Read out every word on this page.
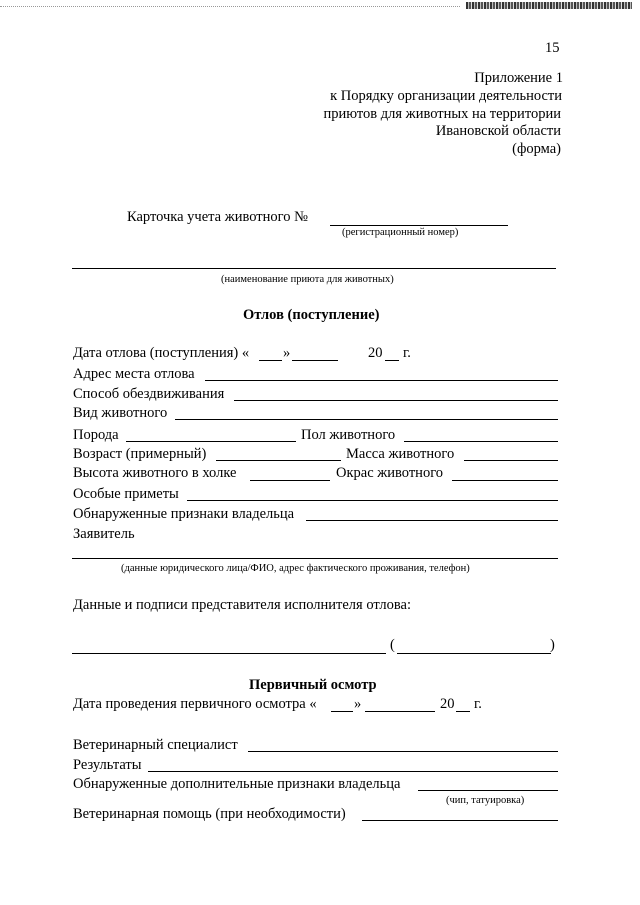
15
Приложение 1
к Порядку организации деятельности
приютов для животных на территории
Ивановской области
(форма)
Карточка учета животного №
(регистрационный номер)
(наименование приюта для животных)
Отлов (поступление)
Дата отлова (поступления) « »	20 г.
Адрес места отлова
Способ обездвиживания
Вид животного
Порода	Пол животного
Возраст (примерный)	Масса животного
Высота животного в холке	Окрас животного
Особые приметы
Обнаруженные признаки владельца
Заявитель
(данные юридического лица/ФИО, адрес фактического проживания, телефон)
Данные и подписи представителя исполнителя отлова:
(	)
Первичный осмотр
Дата проведения первичного осмотра «	»	20 г.
Ветеринарный специалист
Результаты
Обнаруженные дополнительные признаки владельца
(чип, татуировка)
Ветеринарная помощь (при необходимости)
